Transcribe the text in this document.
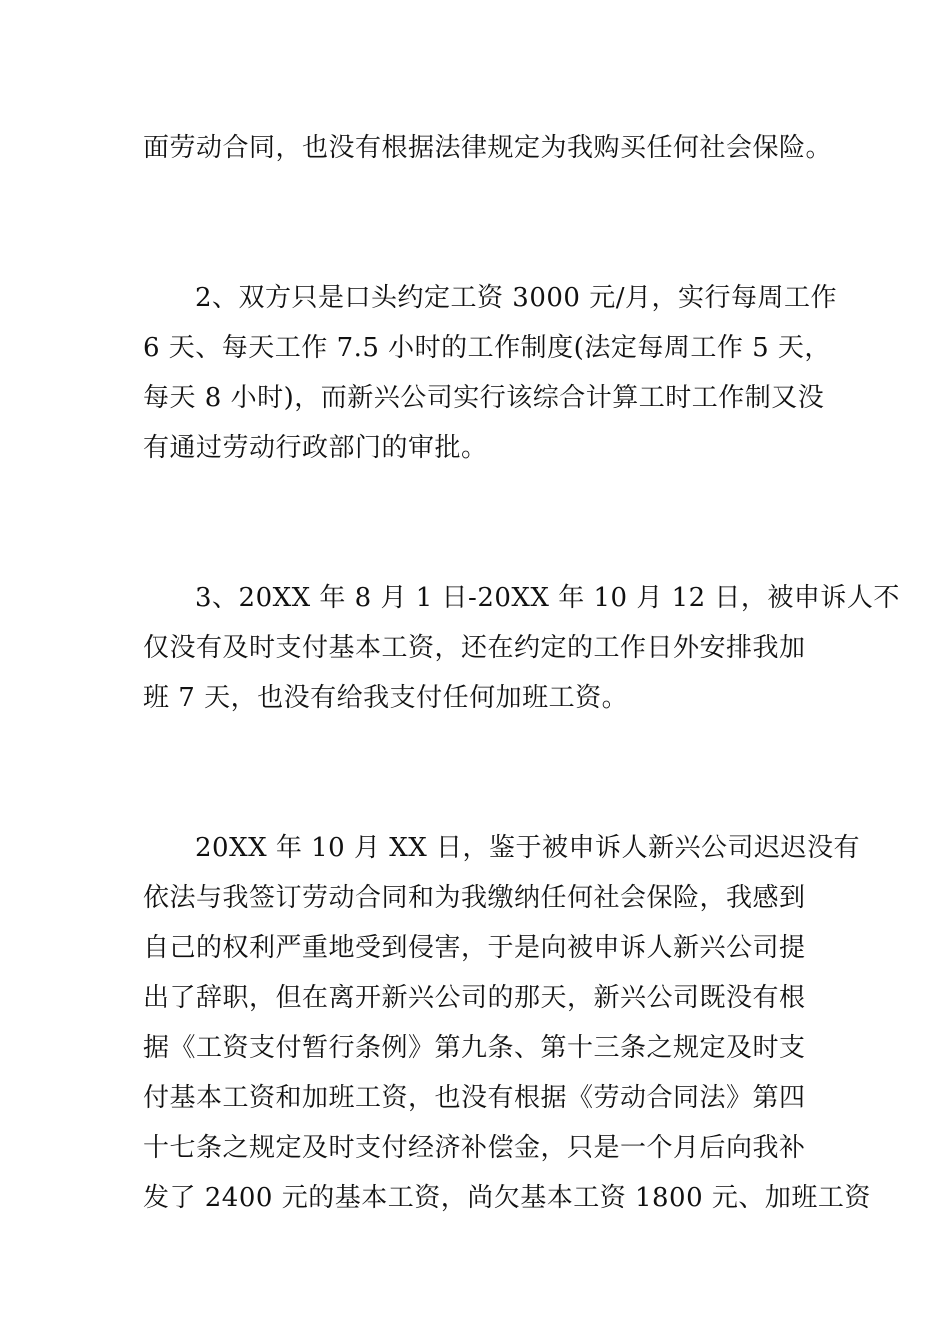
面劳动合同，也没有根据法律规定为我购买任何社会保险。
2、双方只是口头约定工资 3000 元/月，实行每周工作
6 天、每天工作 7.5 小时的工作制度(法定每周工作 5 天，
每天 8 小时)，而新兴公司实行该综合计算工时工作制又没
有通过劳动行政部门的审批。
3、20XX 年 8 月 1 日-20XX 年 10 月 12 日，被申诉人不
仅没有及时支付基本工资，还在约定的工作日外安排我加
班 7 天，也没有给我支付任何加班工资。
20XX 年 10 月 XX 日，鉴于被申诉人新兴公司迟迟没有
依法与我签订劳动合同和为我缴纳任何社会保险，我感到
自己的权利严重地受到侵害，于是向被申诉人新兴公司提
出了辞职，但在离开新兴公司的那天，新兴公司既没有根
据《工资支付暂行条例》第九条、第十三条之规定及时支
付基本工资和加班工资，也没有根据《劳动合同法》第四
十七条之规定及时支付经济补偿金，只是一个月后向我补
发了 2400 元的基本工资，尚欠基本工资 1800 元、加班工资
